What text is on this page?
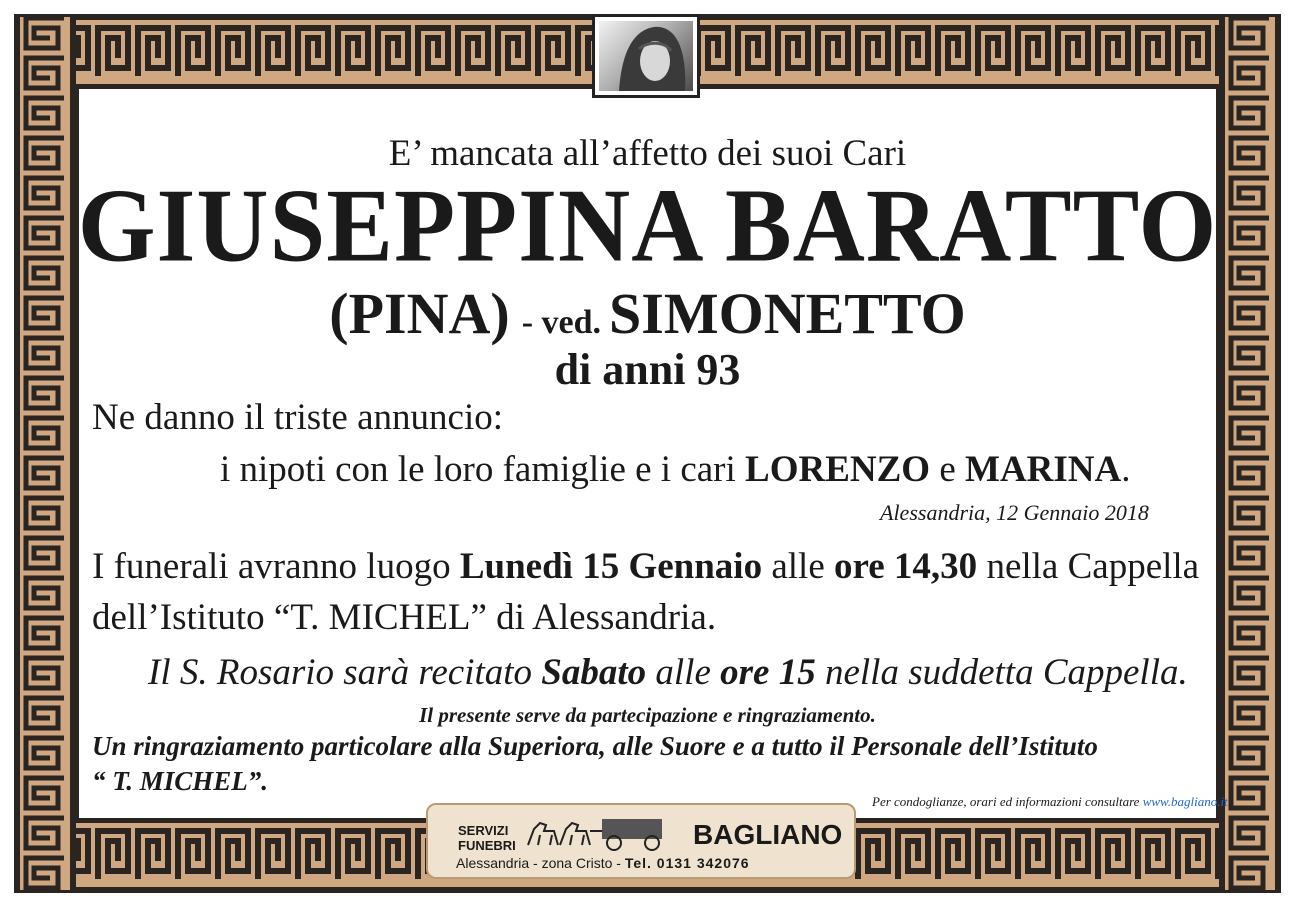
E’ mancata all’affetto dei suoi Cari
GIUSEPPINA BARATTO
(PINA) - ved. SIMONETTO
di anni 93
Ne danno il triste annuncio:
i nipoti con le loro famiglie e i cari LORENZO e MARINA.
Alessandria, 12 Gennaio 2018
I funerali avranno luogo Lunedì 15 Gennaio alle ore 14,30 nella Cappella
dell’Istituto “T. MICHEL” di Alessandria.
Il S. Rosario sarà recitato Sabato alle ore 15 nella suddetta Cappella.
Il presente serve da partecipazione e ringraziamento.
Un ringraziamento particolare alla Superiora, alle Suore e a tutto il Personale dell’Istituto
“ T. MICHEL”.
Per condoglianze, orari ed informazioni consultare www.bagliano.it
SERVIZI
FUNEBRI	BAGLIANO
Alessandria - zona Cristo - Tel. 0131 342076
